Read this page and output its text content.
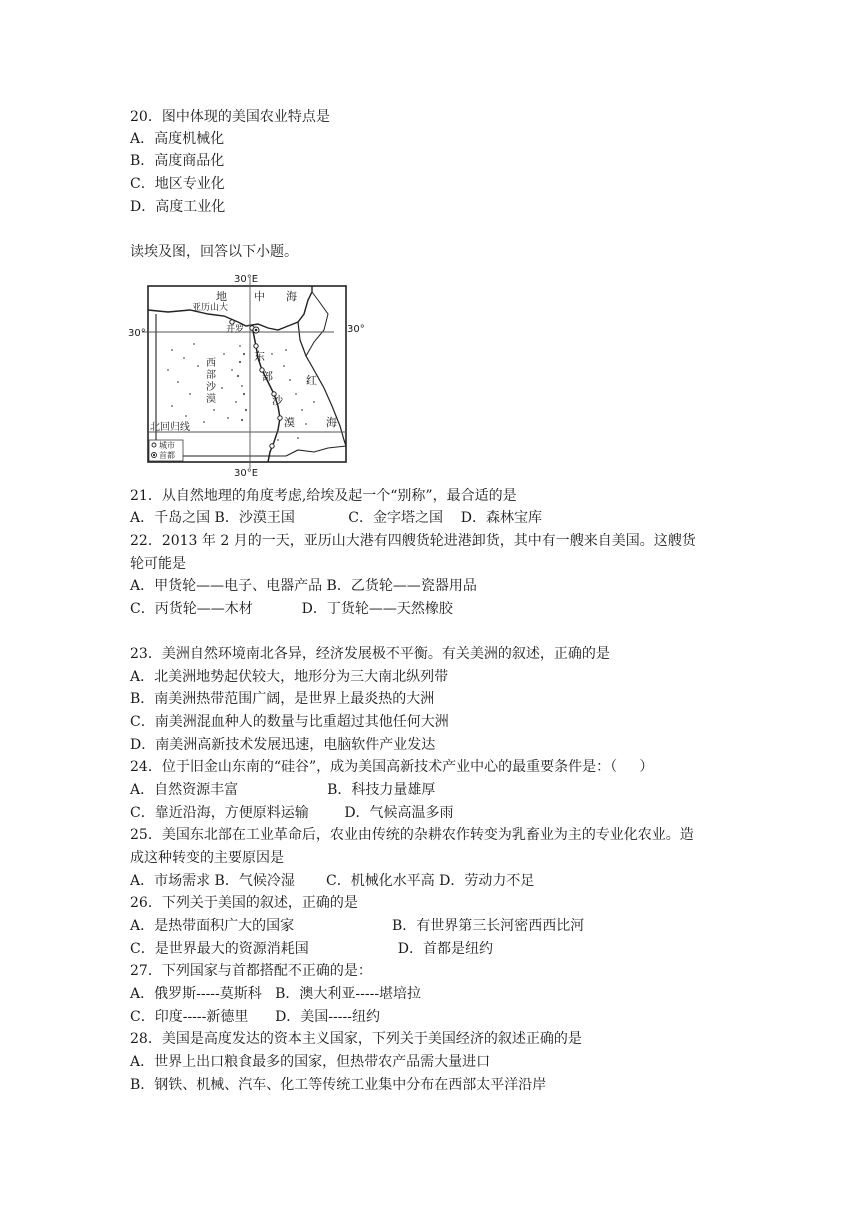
20．图中体现的美国农业特点是
A．高度机械化
B．高度商品化
C．地区专业化
D．高度工业化
读埃及图，回答以下小题。
30°E
30°E
30°	30°
地 中 海
亚历山大
开罗
西
部
沙
漠
东
部
沙
漠
红
海
北回归线
城市
首都
21．从自然地理的角度考虑,给埃及起一个“别称”，最合适的是
A．千岛之国 B．沙漠王国            C．金字塔之国    D．森林宝库
22．2013 年 2 月的一天，亚历山大港有四艘货轮进港卸货，其中有一艘来自美国。这艘货
轮可能是
A．甲货轮——电子、电器产品 B．乙货轮——瓷器用品
C．丙货轮——木材           D．丁货轮——天然橡胶
23．美洲自然环境南北各异，经济发展极不平衡。有关美洲的叙述，正确的是
A．北美洲地势起伏较大，地形分为三大南北纵列带
B．南美洲热带范围广阔，是世界上最炎热的大洲
C．南美洲混血种人的数量与比重超过其他任何大洲
D．南美洲高新技术发展迅速，电脑软件产业发达
24．位于旧金山东南的“硅谷”，成为美国高新技术产业中心的最重要条件是：（     ）
A．自然资源丰富                    B．科技力量雄厚
C．靠近沿海，方便原料运输        D．气候高温多雨
25．美国东北部在工业革命后，农业由传统的杂耕农作转变为乳畜业为主的专业化农业。造
成这种转变的主要原因是
A．市场需求 B．气候冷湿       C．机械化水平高 D．劳动力不足
26．下列关于美国的叙述，正确的是
A．是热带面积广大的国家                      B．有世界第三长河密西西比河
C．是世界最大的资源消耗国                    D．首都是纽约
27．下列国家与首都搭配不正确的是：
A．俄罗斯-----莫斯科   B．澳大利亚-----堪培拉
C．印度-----新德里      D．美国-----纽约
28．美国是高度发达的资本主义国家，下列关于美国经济的叙述正确的是
A．世界上出口粮食最多的国家，但热带农产品需大量进口
B．钢铁、机械、汽车、化工等传统工业集中分布在西部太平洋沿岸
